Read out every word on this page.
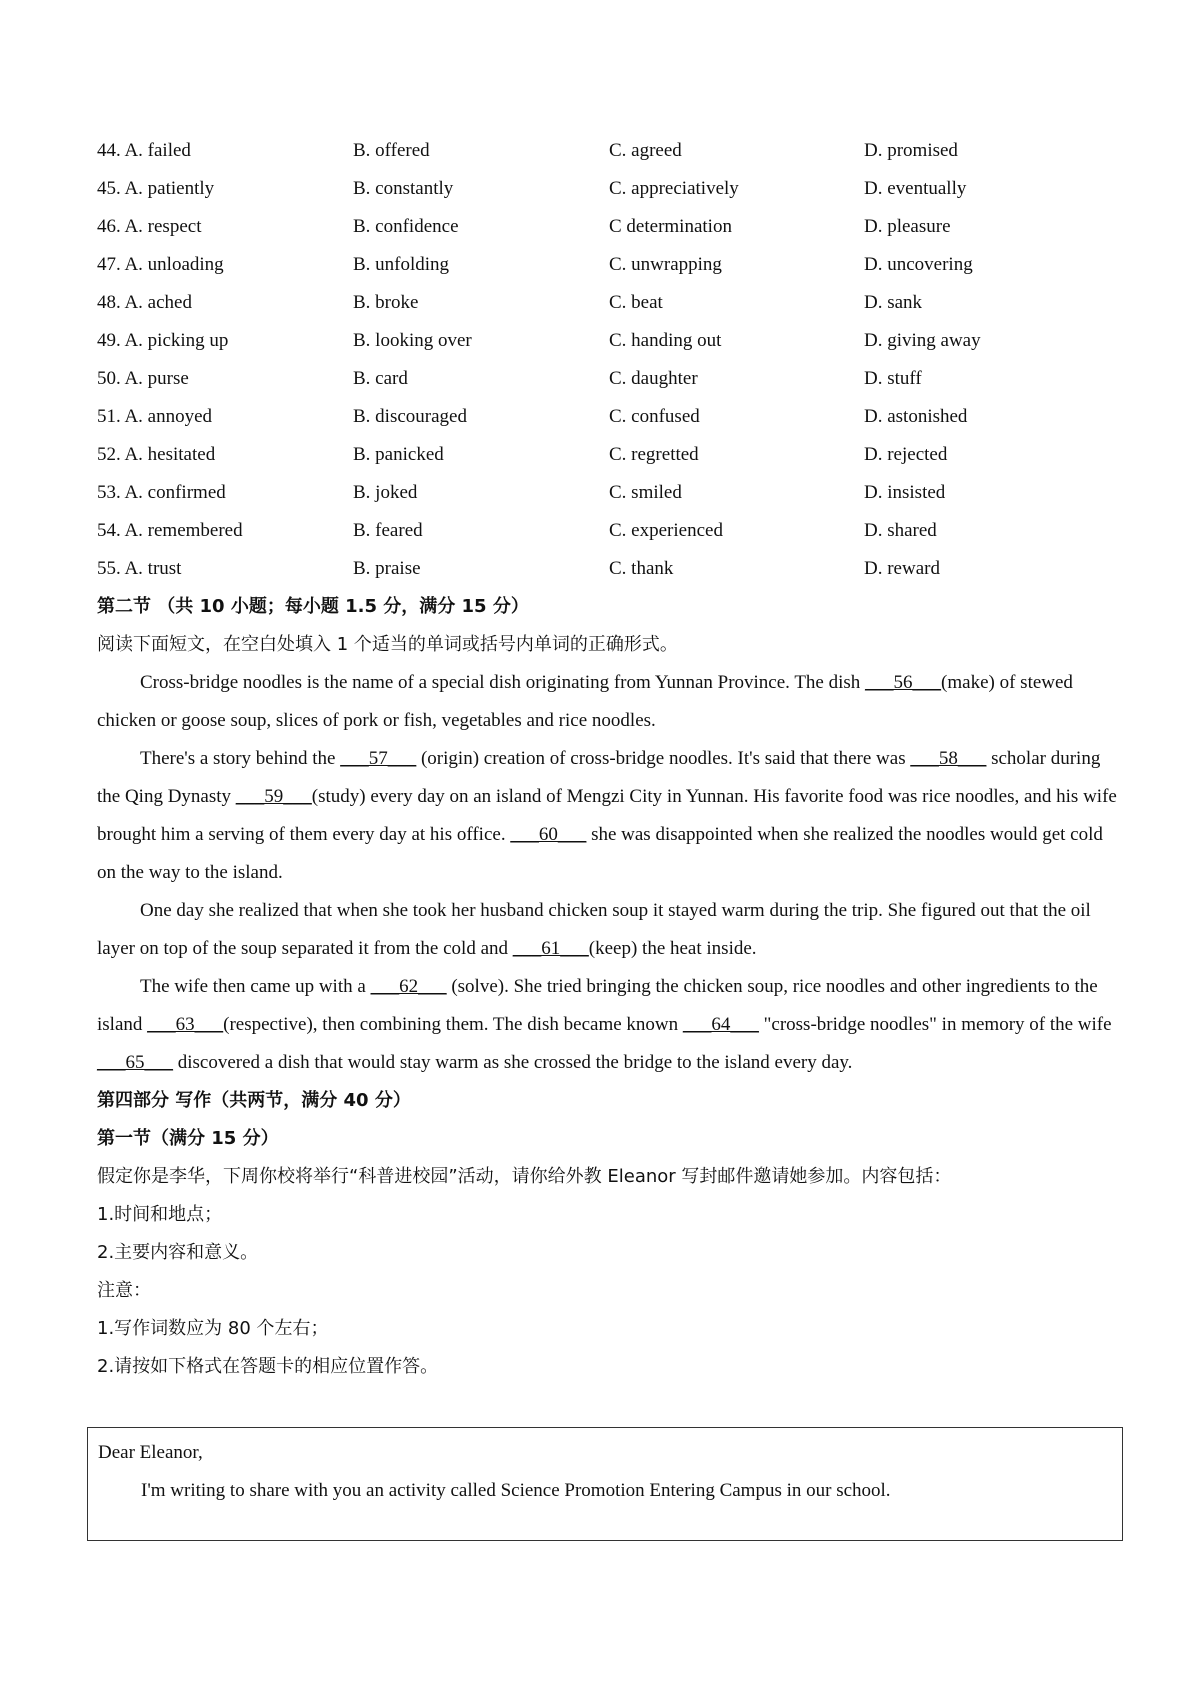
44. A. failed	B. offered	C. agreed	D. promised
45. A. patiently	B. constantly	C. appreciatively	D. eventually
46. A. respect	B. confidence	C determination	D. pleasure
47. A. unloading	B. unfolding	C. unwrapping	D. uncovering
48. A. ached	B. broke	C. beat	D. sank
49. A. picking up	B. looking over	C. handing out	D. giving away
50. A. purse	B. card	C. daughter	D. stuff
51. A. annoyed	B. discouraged	C. confused	D. astonished
52. A. hesitated	B. panicked	C. regretted	D. rejected
53. A. confirmed	B. joked	C. smiled	D. insisted
54. A. remembered	B. feared	C. experienced	D. shared
55. A. trust	B. praise	C. thank	D. reward
第二节 （共 10 小题；每小题 1.5 分，满分 15 分）
阅读下面短文，在空白处填入 1 个适当的单词或括号内单词的正确形式。
Cross-bridge noodles is the name of a special dish originating from Yunnan Province. The dish ___56___(make) of stewed chicken or goose soup, slices of pork or fish, vegetables and rice noodles.
There's a story behind the ___57___ (origin) creation of cross-bridge noodles. It's said that there was ___58___ scholar during the Qing Dynasty ___59___(study) every day on an island of Mengzi City in Yunnan. His favorite food was rice noodles, and his wife brought him a serving of them every day at his office. ___60___ she was disappointed when she realized the noodles would get cold on the way to the island.
One day she realized that when she took her husband chicken soup it stayed warm during the trip. She figured out that the oil layer on top of the soup separated it from the cold and ___61___(keep) the heat inside.
The wife then came up with a ___62___ (solve). She tried bringing the chicken soup, rice noodles and other ingredients to the island ___63___(respective), then combining them. The dish became known ___64___ "cross-bridge noodles" in memory of the wife ___65___ discovered a dish that would stay warm as she crossed the bridge to the island every day.
第四部分 写作（共两节，满分 40 分）
第一节（满分 15 分）
假定你是李华，下周你校将举行“科普进校园”活动，请你给外教 Eleanor 写封邮件邀请她参加。内容包括：
1.时间和地点；
2.主要内容和意义。
注意：
1.写作词数应为 80 个左右；
2.请按如下格式在答题卡的相应位置作答。
Dear Eleanor,
I'm writing to share with you an activity called Science Promotion Entering Campus in our school.
